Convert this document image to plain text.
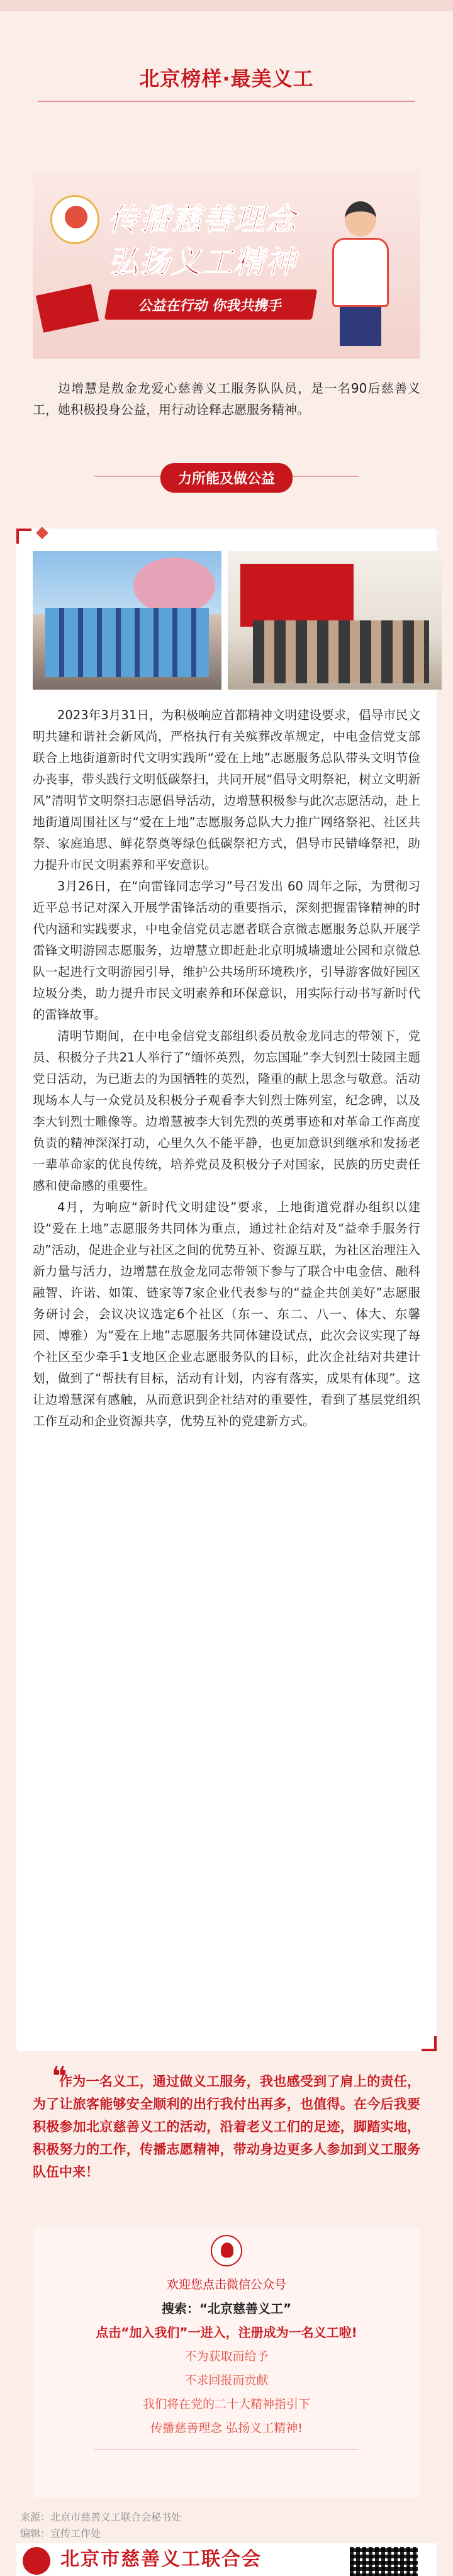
北京榜样·最美义工
传播慈善理念
弘扬义工精神
公益在行动 你我共携手

边增慧是敖金龙爱心慈善义工服务队队员，是一名90后慈善义工，她积极投身公益，用行动诠释志愿服务精神。

力所能及做公益

2023年3月31日，为积极响应首都精神文明建设要求，倡导市民文明共建和谐社会新风尚，严格执行有关殡葬改革规定，中电金信党支部联合上地街道新时代文明实践所“爱在上地”志愿服务总队带头文明节俭办丧事，带头践行文明低碳祭扫，共同开展“倡导文明祭祀，树立文明新风”清明节文明祭扫志愿倡导活动，边增慧积极参与此次志愿活动，赴上地街道周围社区与“爱在上地”志愿服务总队大力推广网络祭祀、社区共祭、家庭追思、鲜花祭奠等绿色低碳祭祀方式，倡导市民错峰祭祀，助力提升市民文明素养和平安意识。

3月26日，在“向雷锋同志学习”号召发出 60 周年之际，为贯彻习近平总书记对深入开展学雷锋活动的重要指示，深刻把握雷锋精神的时代内涵和实践要求，中电金信党员志愿者联合京微志愿服务总队开展学雷锋文明游园志愿服务，边增慧立即赶赴北京明城墙遗址公园和京微总队一起进行文明游园引导，维护公共场所环境秩序，引导游客做好园区垃圾分类，助力提升市民文明素养和环保意识，用实际行动书写新时代的雷锋故事。

清明节期间，在中电金信党支部组织委员敖金龙同志的带领下，党员、积极分子共21人举行了“缅怀英烈，勿忘国耻”李大钊烈士陵园主题党日活动，为已逝去的为国牺牲的英烈，隆重的献上思念与敬意。活动现场本人与一众党员及积极分子观看李大钊烈士陈列室，纪念碑，以及李大钊烈士雕像等。边增慧被李大钊先烈的英勇事迹和对革命工作高度负责的精神深深打动，心里久久不能平静，也更加意识到继承和发扬老一辈革命家的优良传统，培养党员及积极分子对国家，民族的历史责任感和使命感的重要性。

4月，为响应“新时代文明建设”要求，上地街道党群办组织以建设“爱在上地”志愿服务共同体为重点，通过社企结对及“益牵手服务行动”活动，促进企业与社区之间的优势互补、资源互联，为社区治理注入新力量与活力，边增慧在敖金龙同志带领下参与了联合中电金信、融科融智、许诺、如策、链家等7家企业代表参与的“益企共创美好”志愿服务研讨会，会议决议选定6个社区（东一、东二、八一、体大、东馨园、博雅）为“爱在上地”志愿服务共同体建设试点，此次会议实现了每个社区至少牵手1支地区企业志愿服务队的目标，此次企社结对共建计划，做到了“帮扶有目标，活动有计划，内容有落实，成果有体现”。这让边增慧深有感触，从而意识到企社结对的重要性，看到了基层党组织工作互动和企业资源共享，优势互补的党建新方式。

❝
作为一名义工，通过做义工服务，我也感受到了肩上的责任，为了让旅客能够安全顺利的出行我付出再多，也值得。在今后我要积极参加北京慈善义工的活动，沿着老义工们的足迹，脚踏实地，积极努力的工作，传播志愿精神，带动身边更多人参加到义工服务队伍中来！
欢迎您点击微信公众号
搜索：“北京慈善义工”
点击“加入我们”一进入，注册成为一名义工啦!
不为获取而给予
不求回报而贡献
我们将在党的二十大精神指引下
传播慈善理念 弘扬义工精神!
来源：北京市慈善义工联合会秘书处
编辑：宣传工作处
北京市慈善义工联合会
